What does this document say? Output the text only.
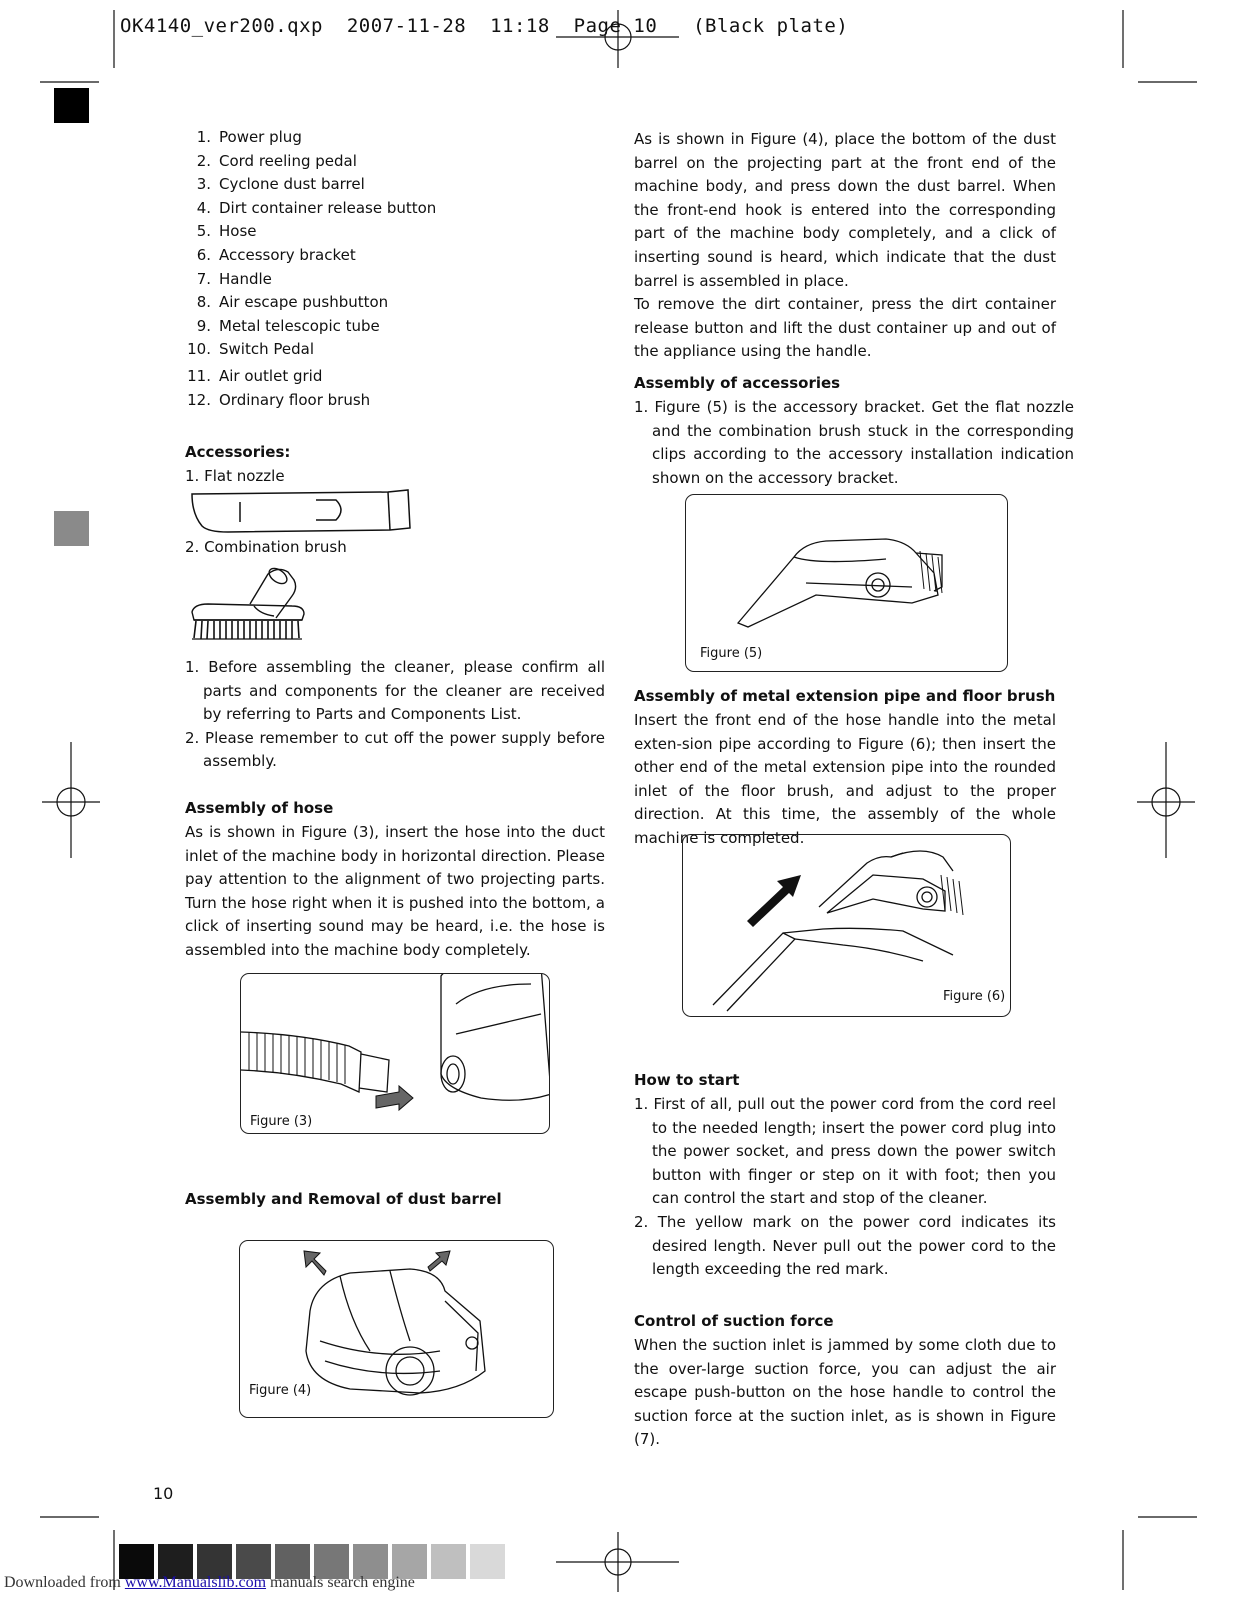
OK4140_ver200.qxp  2007-11-28  11:18  Page 10   (Black plate)
1. Power plug
2. Cord reeling pedal
3. Cyclone dust barrel
4. Dirt container release button
5. Hose
6. Accessory bracket
7. Handle
8. Air escape pushbutton
9. Metal telescopic tube
10. Switch Pedal
11. Air outlet grid
12. Ordinary floor brush
Accessories:
1. Flat nozzle
2. Combination brush
1. Before assembling the cleaner, please confirm all parts and components for the cleaner are received by referring to Parts and Components List.
2. Please remember to cut off the power supply before assembly.
Assembly of hose
As is shown in Figure (3), insert the hose into the duct inlet of the machine body in horizontal direction. Please pay attention to the alignment of two projecting parts. Turn the hose right when it is pushed into the bottom, a click of inserting sound may be heard, i.e. the hose is assembled into the machine body completely.
Figure (3)
Assembly and Removal of dust barrel
Figure (4)
10
As is shown in Figure (4), place the bottom of the dust barrel on the projecting part at the front end of the machine body, and press down the dust barrel. When the front-end hook is entered into the corresponding part of the machine body completely, and a click of inserting sound is heard, which indicate that the dust barrel is assembled in place.
To remove the dirt container, press the dirt container release button and lift the dust container up and out of the appliance using the handle.
Assembly of accessories
1. Figure (5) is the accessory bracket. Get the flat nozzle and the combination brush stuck in the corresponding clips according to the accessory installation indication shown on the accessory bracket.
Figure (5)
Assembly of metal extension pipe and floor brush
Insert the front end of the hose handle into the metal exten-sion pipe according to Figure (6); then insert the other end of the metal extension pipe into the rounded inlet of the floor brush, and adjust to the proper direction. At this time, the assembly of the whole machine is completed.
Figure (6)
How to start
1. First of all, pull out the power cord from the cord reel to the needed length; insert the power cord plug into the power socket, and press down the power switch button with finger or step on it with foot; then you can control the start and stop of the cleaner.
2. The yellow mark on the power cord indicates its desired length. Never pull out the power cord to the length exceeding the red mark.
Control of suction force
When the suction inlet is jammed by some cloth due to the over-large suction force, you can adjust the air escape push-button on the hose handle to control the suction force at the suction inlet, as is shown in Figure (7).
Downloaded from www.Manualslib.com manuals search engine
